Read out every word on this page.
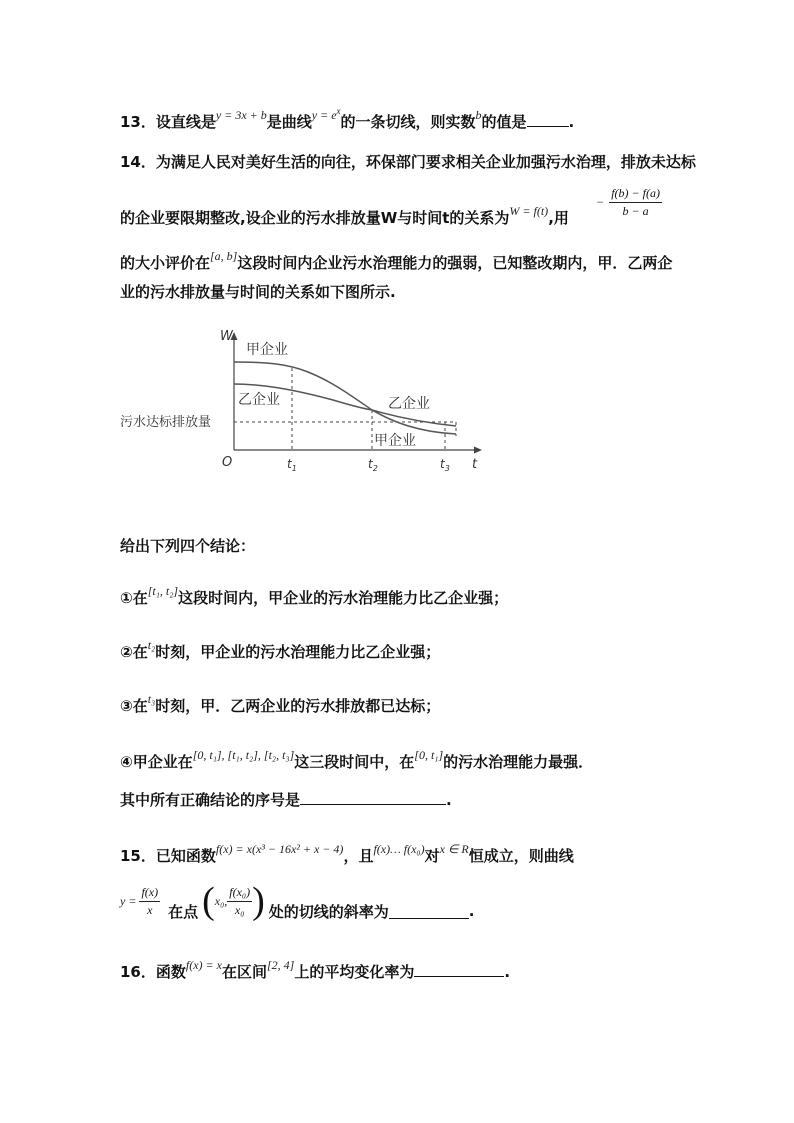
13．设直线是$^{y = 3x + b}$是曲线$^{y = e^x}$的一条切线，则实数$^b$的值是	.
14．为满足人民对美好生活的向往，环保部门要求相关企业加强污水治理，排放未达标
的企业要限期整改,设企业的污水排放量W与时间t的关系为$^{W = f(t)}$,用
− $\frac{f(b) - f(a)}{b - a}$
的大小评价在[a, b]这段时间内企业污水治理能力的强弱，已知整改期内，甲．乙两企
业的污水排放量与时间的关系如下图所示.
W
t
O
污水达标排放量
甲企业
乙企业	乙企业
甲企业
$t_1$	$t_2$	$t_3$
给出下列四个结论：
①在[t₁, t₂]这段时间内，甲企业的污水治理能力比乙企业强；
②在$^{t_2}$时刻，甲企业的污水治理能力比乙企业强；
③在$^{t_3}$时刻，甲．乙两企业的污水排放都已达标；
④甲企业在[0, t₁], [t₁, t₂], [t₂, t₃]这三段时间中，在[0, t₁]的污水治理能力最强．
其中所有正确结论的序号是	.
15．已知函数$^{f(x) = x(x^3 - 16x^2 + x - 4)}$，且$^{f(x)\dots f(x_0)}$对$^{x \in R}$恒成立，则曲线
$y = \frac{f(x)}{x}$ 在点 ( x₀, $\frac{\text{f(x₀)}}{\text{x₀}}$ ) 处的切线的斜率为	.
16．函数$^{f(x) = x}$在区间[2, 4]上的平均变化率为	.
